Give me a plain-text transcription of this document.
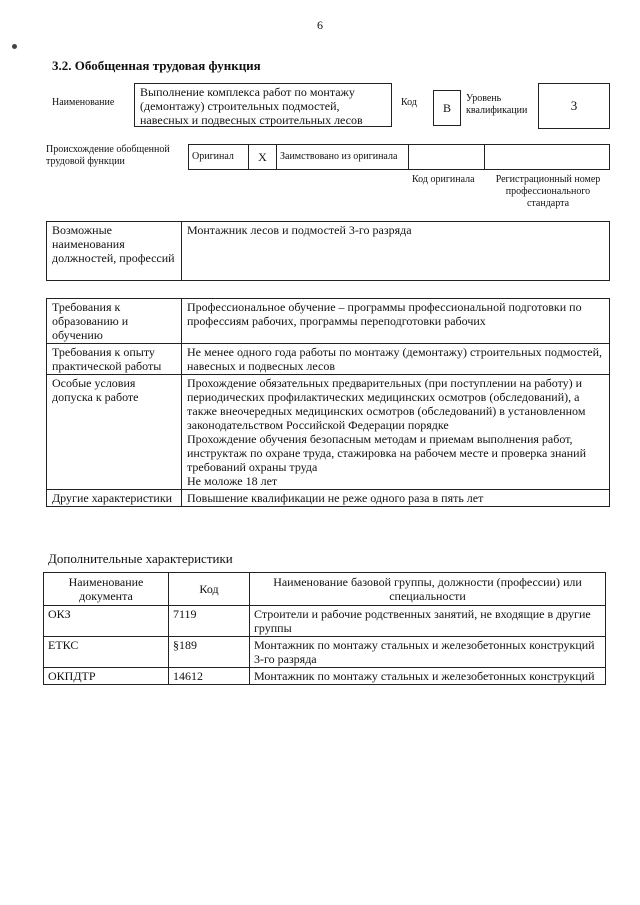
6
3.2. Обобщенная трудовая функция
Наименование
Выполнение комплекса работ по монтажу (демонтажу) строительных подмостей, навесных и подвесных строительных лесов
Код	В
Уровень квалификации	3
Происхождение обобщенной трудовой функции	Оригинал	X	Заимствовано из оригинала
Код оригинала	Регистрационный номер профессионального стандарта
Возможные наименования должностей, профессий	Монтажник лесов и подмостей 3-го разряда
Требования к образованию и обучению	Профессиональное обучение – программы профессиональной подготовки по профессиям рабочих, программы переподготовки рабочих

Требования к опыту практической работы	Не менее одного года работы по монтажу (демонтажу) строительных подмостей, навесных и подвесных лесов

Особые условия допуска к работе	Прохождение обязательных предварительных (при поступлении на работу) и периодических профилактических медицинских осмотров (обследований), а также внеочередных медицинских осмотров (обследований) в установленном законодательством Российской Федерации порядке
Прохождение обучения безопасным методам и приемам выполнения работ, инструктаж по охране труда, стажировка на рабочем месте и проверка знаний требований охраны труда
Не моложе 18 лет

Другие характеристики	Повышение квалификации не реже одного раза в пять лет
Дополнительные характеристики
Наименование документа	Код	Наименование базовой группы, должности (профессии) или специальности
ОКЗ	7119	Строители и рабочие родственных занятий, не входящие в другие группы
ЕТКС	§189	Монтажник по монтажу стальных и железобетонных конструкций 3-го разряда
ОКПДТР	14612	Монтажник по монтажу стальных и железобетонных конструкций
